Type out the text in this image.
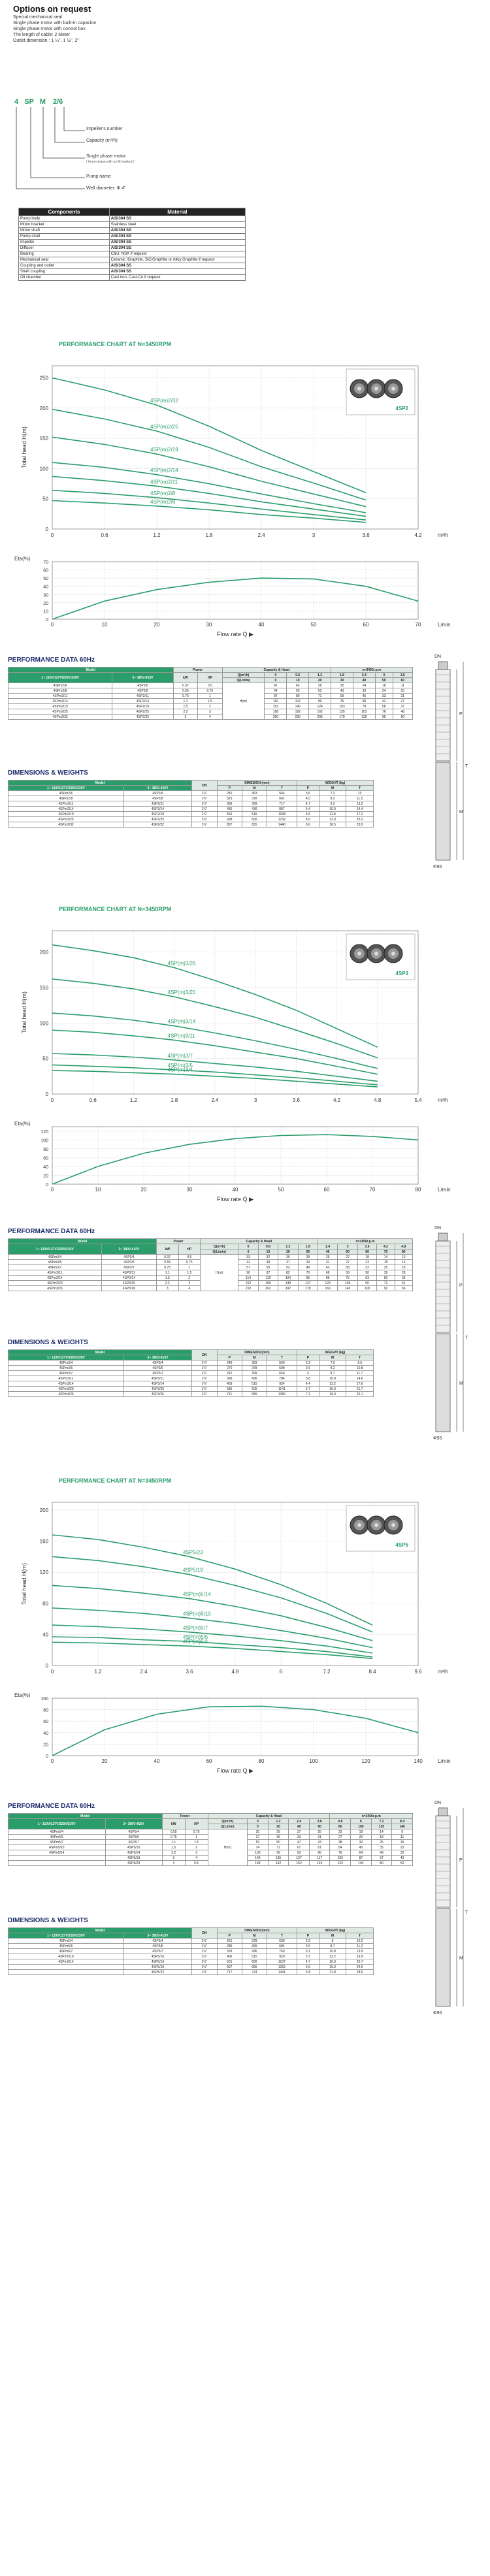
Options on request
Special mechanical seal
Single phase motor with built-in capacitor
Single phase motor with control box
The length of cable: 2 Meter
Outlet dimension : 1 ¼", 1 ½", 2"
4 SP M 2/6
Impeller's number
Capacity (m³/h)
Single phase motor
( three-phase with no M marked )
Pump name
Well diameter: Φ 4"
Components	Material
Pump body	AISI304 SS
Motor bracket	Stainless steel
Motor shaft	AISI304 SS
Pump shaft	AISI304 SS
Impeller	AISI304 SS
Diffuser	AISI304 SS
Bearing	C&U, NSK if request
Mechanical seal	Ceramic /Graphite, SiC/Graphite or Alloy Graphite if request
Coupling and outlet	AISI304 SS
Shaft coupling	AISI304 SS
Oil chamber	Cast iron, Cast-Cu if request
PERFORMANCE CHART AT N=3450RPM
0	0.6	1.2	1.8	2.4	3	3.6	4.2
0
50
100
150
200
250
Total head H(m)
m³/h
4SP(m)2/32
4SP(m)2/25
4SP(m)2/19
4SP(m)2/14
4SP(m)2/11
4SP(m)2/8
4SP(m)2/6
4SP2
0	10	20	30	40	50	60	70
0
10
20
30
40
50
60
70
Eta(%)
Flow rate Q ▶
L/min
PERFORMANCE DATA 60Hz
Model		Power		Capacity & Head				n=3450r.p.m			
1~ 110V/127V/220V/230V	3~ 380V-415V	kW	HP	Q(m³/h)	0	0.6	1.2	1.8	2.4	3	3.6
				Q(L/min)	0	10	20	30	40	50	60
4SPm2/6	4SP2/6	0.37	0.5	H(m)	47	43	38	32	24	18	11
4SPm2/8	4SP2/8	0.55	0.75		64	59	52	43	33	24	15
4SPm2/11	4SP2/11	0.75	1		87	80	71	59	45	33	21
4SPm2/14	4SP2/14	1.1	1.5		110	102	90	75	58	42	27
4SPm2/19	4SP2/19	1.5	2		152	140	124	103	79	58	37
4SPm2/25	4SP2/25	2.2	3		198	182	162	135	103	76	48
4SPm2/32	4SP2/32	3	4		250	230	205	170	130	95	60
DIMENSIONS & WEIGHTS
Model		DN	DIMESION (mm)			WEIGHT (kg)		
1~ 110V/127V/220V/230V	3~ 380V-415V		P	M	T	P	M	T
4SPm2/6	4SP2/6	1¼"	281	363	564	3.6	7.2	10
4SPm2/8	4SP2/8	1¼"	323	378	601	4.0	8.2	11.5
4SPm2/11	4SP2/11	1¼"	389	399	717	4.7	9.2	13.2
4SPm2/14	4SP2/14	1¼"	456	436	807	5.4	10.0	14.4
4SPm2/19	4SP2/19	1¼"	566	515	1008	6.6	11.8	17.2
4SPm2/25	4SP2/25	1¼"	698	606	1232	8.0	13.9	20.2
4SPm2/32	4SP2/32	1¼"	857	655	1440	9.6	16.5	23.5
DN
P
M
T
Φ95
PERFORMANCE CHART AT N=3450RPM
0	0.6	1.2	1.8	2.4	3	3.6	4.2	4.8	5.4
0
50
100
150
200
Total head H(m)
m³/h
4SP(m)3/26
4SP(m)3/20
4SP(m)3/14
4SP(m)3/11
4SP(m)3/7
4SP(m)3/5
4SP(m)3/4
4SP3
0	10	20	30	40	50	60	70	80
0
20
40
60
80
100
120
Eta(%)
Flow rate Q ▶
L/min
PERFORMANCE DATA 60Hz
Model		Power		Capacity & Head					n=3450r.p.m				
1~ 110V/127V/220V/230V	3~ 380V-415V	kW	HP	Q(m³/h)	0	0.6	1.2	1.8	2.4	3	3.6	4.2	4.8
				Q(L/min)	0	10	20	30	40	50	60	70	80
4SPm3/4	4SP3/4	0.37	0.5	H(m)	33	32	30	28	25	22	18	14	10
4SPm3/5	4SP3/5	0.55	0.75		41	39	37	34	31	27	23	18	13
4SPm3/7	4SP3/7	0.75	1		57	55	52	48	43	38	32	25	18
4SPm3/11	4SP3/11	1.1	1.5		90	87	82	76	68	59	50	39	28
4SPm3/14	4SP3/14	1.5	2		114	110	104	96	86	75	63	50	36
4SPm3/20	4SP3/20	2.2	3		162	156	148	137	123	108	90	71	51
4SPm3/26	4SP3/26	3	4		210	202	192	178	160	140	118	92	66
DIMENSIONS & WEIGHTS
Model		DN	DIMESION (mm)			WEIGHT (kg)		
1~ 110V/127V/220V/230V	3~ 380V-415V		P	M	T	P	M	T
4SPm3/4	4SP3/4	1¼"	249	363	560	2.3	7.2	9.5
4SPm3/5	4SP3/5	1¼"	270	378	599	2.6	8.2	10.8
4SPm3/7	4SP3/7	1¼"	312	399	660	3	8.7	11.7
4SPm3/11	4SP3/11	1¼"	396	436	784	3.8	10.8	14.6
4SPm3/14	4SP3/14	1¼"	459	515	924	4.4	13.2	17.6
4SPm3/20	4SP3/20	1¼"	585	606	1141	5.7	16.0	21.7
4SPm3/26	4SP3/26	1¼"	711	655	1366	7.1	19.0	26.1
DN
P
M
T
Φ95
PERFORMANCE CHART AT N=3450RPM
0	1.2	2.4	3.6	4.8	6	7.2	8.4	9.6
0
40
80
120
160
200
Total head H(m)
m³/h
4SP5/23
4SP5/19
4SP(m)5/14
4SP(m)5/10
4SP(m)5/7
4SP(m)5/5
4SP(m)5/4
4SP5
0	20	40	60	80	100	120	140
0
20
40
60
80
100
Eta(%)
Flow rate Q ▶
L/min
PERFORMANCE DATA 60Hz
Model		Power		Capacity & Head					n=3450r.p.m			
1~ 110V/127V/220V/230V	3~ 380V-415V	kW	HP	Q(m³/h)	0	1.2	2.4	3.6	4.8	6	7.2	8.4
				Q(L/min)	0	20	40	60	80	100	120	140
4SPm5/4	4SP5/4	0.55	0.75	H(m)	30	29	27	25	22	18	14	9
4SPm5/5	4SP5/5	0.75	1		37	36	33	31	27	23	18	11
4SPm5/7	4SP5/7	1.1	1.5		52	50	47	43	38	32	25	16
4SPm5/10	4SP5/10	1.5	2		74	71	67	61	54	45	35	23
4SPm5/14	4SP5/14	2.2	3		103	99	93	86	76	64	49	32
	4SP5/19	3	4		140	135	127	117	103	87	67	43
	4SP5/23	4	5.5		168	162	152	140	124	104	80	52
DIMENSIONS & WEIGHTS
Model		DN	DIMESION (mm)			WEIGHT (kg)		
1~ 110V/127V/220V/230V	3~ 380V-415V		P	M	T	P	M	T
4SPm5/4	4SP5/4	1½"	261	378	639	2.2	8	10.2
4SPm5/5	4SP5/5	1½"	285	399	684	2.5	8.7	11.2
4SPm5/7	4SP5/7	1½"	333	436	769	3.1	10.8	13.9
4SPm5/10	4SP5/10	1½"	406	515	920	3.7	13.2	16.9
4SPm5/14	4SP5/14	1½"	501	606	1107	4.7	16.0	20.7
	4SP5/19	1½"	597	655	1252	5.6	19.0	24.6
	4SP5/23	1½"	717	724	1441	6.8	21.8	28.6
DN
P
M
T
Φ95
